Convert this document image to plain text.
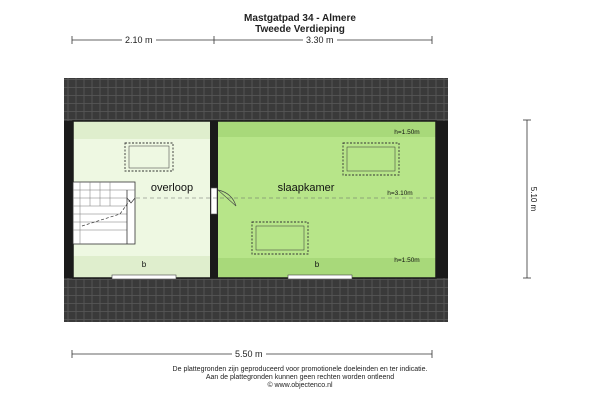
Mastgatpad 34 - Almere
Tweede Verdieping
overloop	slaapkamer
h=1.50m
h=3.10m
h=1.50m
b	b
5.10 m
2.10 m	3.30 m
5.50 m
De plattegronden zijn geproduceerd voor promotionele doeleinden en ter indicatie.
Aan de plattegronden kunnen geen rechten worden ontleend
© www.objectenco.nl
